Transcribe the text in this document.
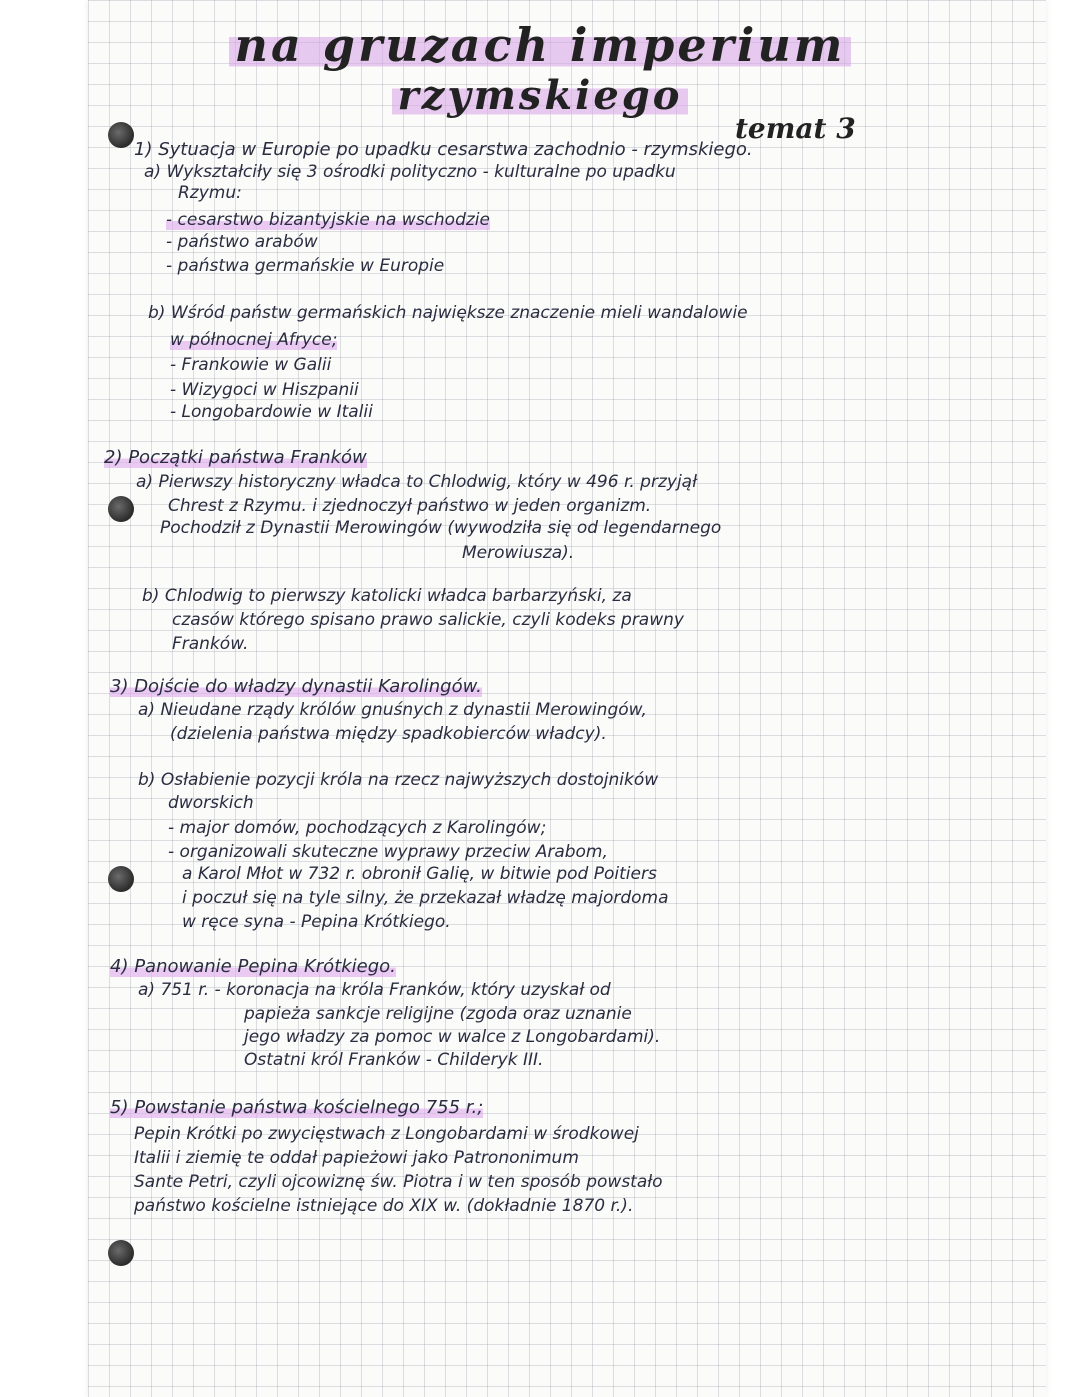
na gruzach imperium
rzymskiego
temat 3
1) Sytuacja w Europie po upadku cesarstwa zachodnio - rzymskiego.
a) Wykształciły się 3 ośrodki polityczno - kulturalne po upadku
Rzymu:
- cesarstwo bizantyjskie na wschodzie
- państwo arabów
- państwa germańskie w Europie
b) Wśród państw germańskich największe znaczenie mieli wandalowie
w północnej Afryce;
- Frankowie w Galii
- Wizygoci w Hiszpanii
- Longobardowie w Italii
2) Początki państwa Franków
a) Pierwszy historyczny władca to Chlodwig, który w 496 r. przyjął
Chrest z Rzymu. i zjednoczył państwo w jeden organizm.
Pochodził z Dynastii Merowingów (wywodziła się od legendarnego
Merowiusza).
b) Chlodwig to pierwszy katolicki władca barbarzyński, za
czasów którego spisano prawo salickie, czyli kodeks prawny
Franków.
3) Dojście do władzy dynastii Karolingów.
a) Nieudane rządy królów gnuśnych z dynastii Merowingów,
(dzielenia państwa między spadkobierców władcy).
b) Osłabienie pozycji króla na rzecz najwyższych dostojników
dworskich
- major domów, pochodzących z Karolingów;
- organizowali skuteczne wyprawy przeciw Arabom,
a Karol Młot w 732 r. obronił Galię, w bitwie pod Poitiers
i poczuł się na tyle silny, że przekazał władzę majordoma
w ręce syna - Pepina Krótkiego.
4) Panowanie Pepina Krótkiego.
a) 751 r. - koronacja na króla Franków, który uzyskał od
papieża sankcje religijne (zgoda oraz uznanie
jego władzy za pomoc w walce z Longobardami).
Ostatni król Franków - Childeryk III.
5) Powstanie państwa kościelnego 755 r.;
Pepin Krótki po zwycięstwach z Longobardami w środkowej
Italii i ziemię te oddał papieżowi jako Patrononimum
Sante Petri, czyli ojcowiznę św. Piotra i w ten sposób powstało
państwo kościelne istniejące do XIX w. (dokładnie 1870 r.).
